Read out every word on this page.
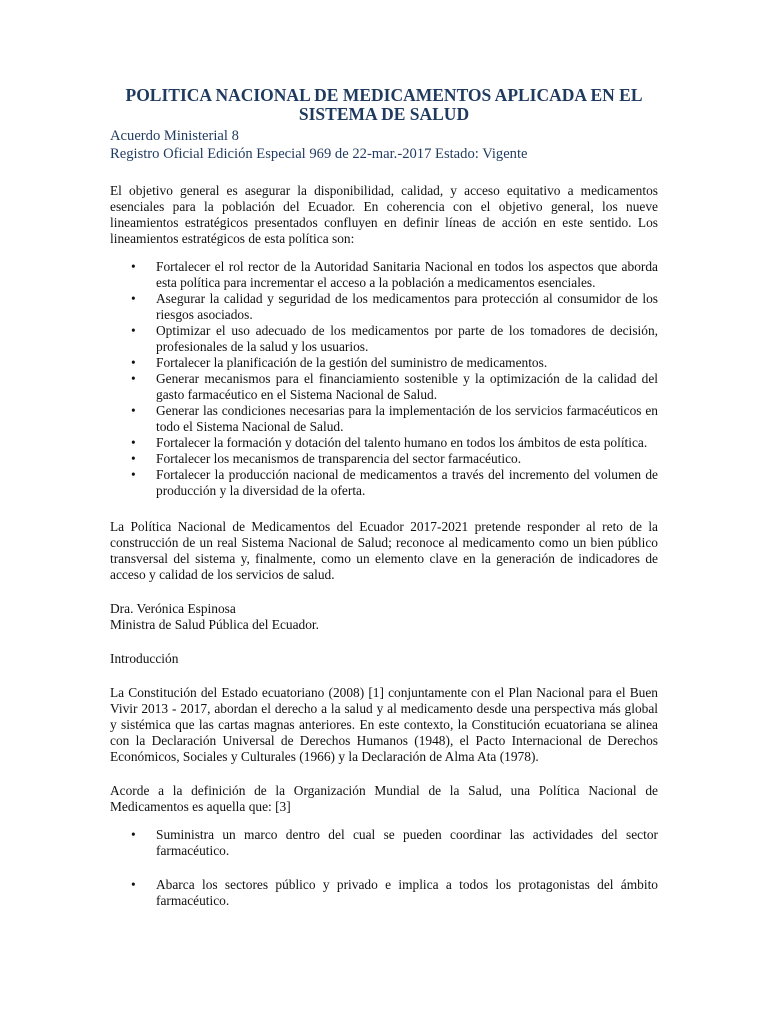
POLITICA NACIONAL DE MEDICAMENTOS APLICADA EN EL SISTEMA DE SALUD
Acuerdo Ministerial 8
Registro Oficial Edición Especial 969 de 22-mar.-2017 Estado: Vigente

El objetivo general es asegurar la disponibilidad, calidad, y acceso equitativo a medicamentos esenciales para la población del Ecuador. En coherencia con el objetivo general, los nueve lineamientos estratégicos presentados confluyen en definir líneas de acción en este sentido. Los lineamientos estratégicos de esta política son:

• Fortalecer el rol rector de la Autoridad Sanitaria Nacional en todos los aspectos que aborda esta política para incrementar el acceso a la población a medicamentos esenciales.
• Asegurar la calidad y seguridad de los medicamentos para protección al consumidor de los riesgos asociados.
• Optimizar el uso adecuado de los medicamentos por parte de los tomadores de decisión, profesionales de la salud y los usuarios.
• Fortalecer la planificación de la gestión del suministro de medicamentos.
• Generar mecanismos para el financiamiento sostenible y la optimización de la calidad del gasto farmacéutico en el Sistema Nacional de Salud.
• Generar las condiciones necesarias para la implementación de los servicios farmacéuticos en todo el Sistema Nacional de Salud.
• Fortalecer la formación y dotación del talento humano en todos los ámbitos de esta política.
• Fortalecer los mecanismos de transparencia del sector farmacéutico.
• Fortalecer la producción nacional de medicamentos a través del incremento del volumen de producción y la diversidad de la oferta.

La Política Nacional de Medicamentos del Ecuador 2017-2021 pretende responder al reto de la construcción de un real Sistema Nacional de Salud; reconoce al medicamento como un bien público transversal del sistema y, finalmente, como un elemento clave en la generación de indicadores de acceso y calidad de los servicios de salud.

Dra. Verónica Espinosa

Ministra de Salud Pública del Ecuador.

Introducción

La Constitución del Estado ecuatoriano (2008) [1] conjuntamente con el Plan Nacional para el Buen Vivir 2013 - 2017, abordan el derecho a la salud y al medicamento desde una perspectiva más global y sistémica que las cartas magnas anteriores. En este contexto, la Constitución ecuatoriana se alinea con la Declaración Universal de Derechos Humanos (1948), el Pacto Internacional de Derechos Económicos, Sociales y Culturales (1966) y la Declaración de Alma Ata (1978).

Acorde a la definición de la Organización Mundial de la Salud, una Política Nacional de Medicamentos es aquella que: [3]

• Suministra un marco dentro del cual se pueden coordinar las actividades del sector farmacéutico.
• Abarca los sectores público y privado e implica a todos los protagonistas del ámbito farmacéutico.
